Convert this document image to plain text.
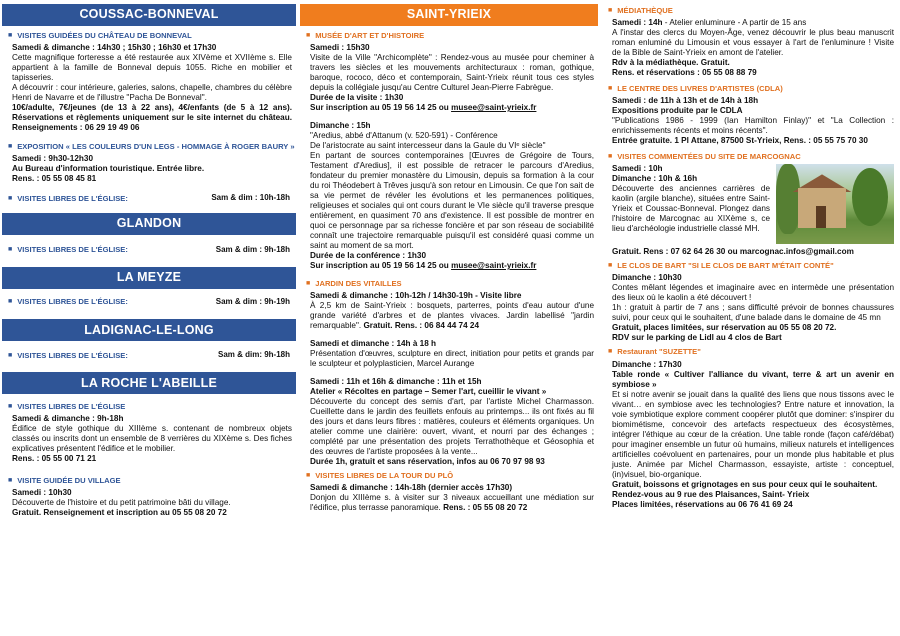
COUSSAC-BONNEVAL
■ VISITES GUIDÉES DU CHÂTEAU DE BONNEVAL
Samedi & dimanche : 14h30 ; 15h30 ; 16h30 et 17h30
Cette magnifique forteresse a été restaurée aux XIVème et XVIIème s. Elle appartient à la famille de Bonneval depuis 1055. Riche en mobilier et tapisseries.
A découvrir : cour intérieure, galeries, salons, chapelle, chambres du célèbre Henri de Navarre et de l'illustre "Pacha De Bonneval".
10€/adulte, 7€/jeunes (de 13 à 22 ans), 4€/enfants (de 5 à 12 ans). Réservations et règlements uniquement sur le site internet du château. Renseignements : 06 29 19 49 06
■ EXPOSITION « LES COULEURS D'UN LEGS - HOMMAGE À ROGER BAURY »
Samedi : 9h30-12h30
Au Bureau d'information touristique. Entrée libre.
Rens. : 05 55 08 45 81
■ VISITES LIBRES DE L'ÉGLISE:	Sam & dim : 10h-18h
GLANDON
■ VISITES LIBRES DE L'ÉGLISE:	Sam & dim : 9h-18h
LA MEYZE
■ VISITES LIBRES DE L'ÉGLISE:	Sam & dim : 9h-19h
LADIGNAC-LE-LONG
■ VISITES LIBRES DE L'ÉGLISE:	Sam & dim: 9h-18h
LA ROCHE L'ABEILLE
■ VISITES LIBRES DE L'ÉGLISE
Samedi & dimanche : 9h-18h
Édifice de style gothique du XIIIème s. contenant de nombreux objets classés ou inscrits dont un ensemble de 8 verrières du XIXème s. Des fiches explicatives présentent l'édifice et le mobilier.
Rens. : 05 55 00 71 21
■ VISITE GUIDÉE DU VILLAGE
Samedi : 10h30
Découverte de l'histoire et du petit patrimoine bâti du village.
Gratuit. Renseignement et inscription au 05 55 08 20 72
SAINT-YRIEIX
■ MUSÉE D'ART ET D'HISTOIRE
Samedi : 15h30
Visite de la Ville "Archicomplète" : Rendez-vous au musée pour cheminer à travers les siècles et les mouvements architecturaux : roman, gothique, baroque, rococo, déco et contemporain, Saint-Yrieix réunit tous ces styles depuis la collégiale jusqu'au Centre Culturel Jean-Pierre Fabrègue.
Durée de la visite : 1h30
Sur inscription au 05 19 56 14 25 ou musee@saint-yrieix.fr
Dimanche : 15h
"Aredius, abbé d'Attanum (v. 520-591) - Conférence
De l'aristocrate au saint intercesseur dans la Gaule du VIᵉ siècle"
En partant de sources contemporaines [Œuvres de Grégoire de Tours, Testament d'Aredius], il est possible de retracer le parcours d'Aredius, fondateur du premier monastère du Limousin, depuis sa formation à la cour du roi Théodebert à Trêves jusqu'à son retour en Limousin. Ce que l'on sait de sa vie permet de révéler les évolutions et les permanences politiques, religieuses et sociales qui ont cours durant le VIe siècle qu'il traverse presque entièrement, en quasiment 70 ans d'existence. Il est possible de montrer en quoi ce personnage par sa richesse foncière et par son réseau de sociabilité connaît une trajectoire remarquable puisqu'il est considéré quasi comme un saint au moment de sa mort.
Durée de la conférence : 1h30
Sur inscription au 05 19 56 14 25 ou musee@saint-yrieix.fr
■ JARDIN DES VITAILLES
Samedi & dimanche : 10h-12h / 14h30-19h - Visite libre
À 2,5 km de Saint-Yrieix : bosquets, parterres, points d'eau autour d'une grande variété d'arbres et de plantes vivaces. Jardin labellisé "jardin remarquable". Gratuit. Rens. : 06 84 44 74 24
Samedi et dimanche : 14h à 18 h
Présentation d'œuvres, sculpture en direct, initiation pour petits et grands par le sculpteur et polyplasticien, Marcel Aurange
Samedi : 11h et 16h & dimanche : 11h et 15h
Atelier « Récoltes en partage – Semer l'art, cueillir le vivant »
Découverte du concept des semis d'art, par l'artiste Michel Charmasson. Cueillette dans le jardin des feuillets enfouis au printemps... ils ont fixés au fil des jours et dans leurs fibres : matières, couleurs et éléments organiques. Un atelier comme une clairière: ouvert, vivant, et nourri par des échanges ; complété par une présentation des projets Terrathothèque et Géosophia et des œuvres de l'artiste proposées à la vente...
Durée 1h, gratuit et sans réservation, infos au 06 70 97 98 93
■ VISITES LIBRES DE LA TOUR DU PLÔ
Samedi & dimanche : 14h-18h (dernier accès 17h30)
Donjon du XIIIème s. à visiter sur 3 niveaux accueillant une médiation sur l'édifice, plus terrasse panoramique. Rens. : 05 55 08 20 72
■ MÉDIATHÈQUE
Samedi : 14h - Atelier enluminure - A partir de 15 ans
A l'instar des clercs du Moyen-Âge, venez découvrir le plus beau manuscrit roman enluminé du Limousin et vous essayer à l'art de l'enluminure ! Visite de la Bible de Saint-Yrieix en amont de l'atelier.
Rdv à la médiathèque. Gratuit.
Rens. et réservations : 05 55 08 88 79
■ LE CENTRE DES LIVRES D'ARTISTES (CDLA)
Samedi : de 11h à 13h et de 14h à 18h
Expositions produite par le CDLA
"Publications 1986 - 1999 (Ian Hamilton Finlay)" et "La Collection : enrichissements récents et moins récents".
Entrée gratuite. 1 Pl Attane, 87500 St-Yrieix, Rens. : 05 55 75 70 30
■ VISITES COMMENTÉES DU SITE DE MARCOGNAC
Samedi : 10h
Dimanche : 10h & 16h
Découverte des anciennes carrières de kaolin (argile blanche), situées entre Saint-Yrieix et Coussac-Bonneval. Plongez dans l'histoire de Marcognac au XIXème s, ce lieu d'archéologie industrielle classé MH.
Gratuit. Rens : 07 62 64 26 30 ou marcognac.infos@gmail.com
■ LE CLOS DE BART "SI LE CLOS DE BART M'ÉTAIT CONTÉ"
Dimanche : 10h30
Contes mêlant légendes et imaginaire avec en intermède une présentation des lieux où le kaolin a été découvert !
1h : gratuit à partir de 7 ans ; sans difficulté prévoir de bonnes chaussures suivi, pour ceux qui le souhaitent, d'une balade dans le domaine de 45 mn
Gratuit, places limitées, sur réservation au 05 55 08 20 72.
RDV sur le parking de Lidl au 4 clos de Bart
■ Restaurant "SUZETTE"
Dimanche : 17h30
Table ronde « Cultiver l'alliance du vivant, terre & art un avenir en symbiose »
Et si notre avenir se jouait dans la qualité des liens que nous tissons avec le vivant… en symbiose avec les technologies? Entre nature et innovation, la voie symbiotique explore comment coopérer plutôt que dominer: s'inspirer du biomimétisme, concevoir des artefacts respectueux des écosystèmes, intégrer l'éthique au cœur de la création. Une table ronde (façon café/débat) pour imaginer ensemble un futur où humains, milieux naturels et intelligences artificielles coévoluent en partenaires, pour un monde plus habitable et plus juste. Animée par Michel Charmasson, essayiste, artiste : conceptuel, (in)visuel, bio-organique.
Gratuit, boissons et grignotages en sus pour ceux qui le souhaitent.
Rendez-vous au 9 rue des Plaisances, Saint- Yrieix
Places limitées, réservations au 06 76 41 69 24
